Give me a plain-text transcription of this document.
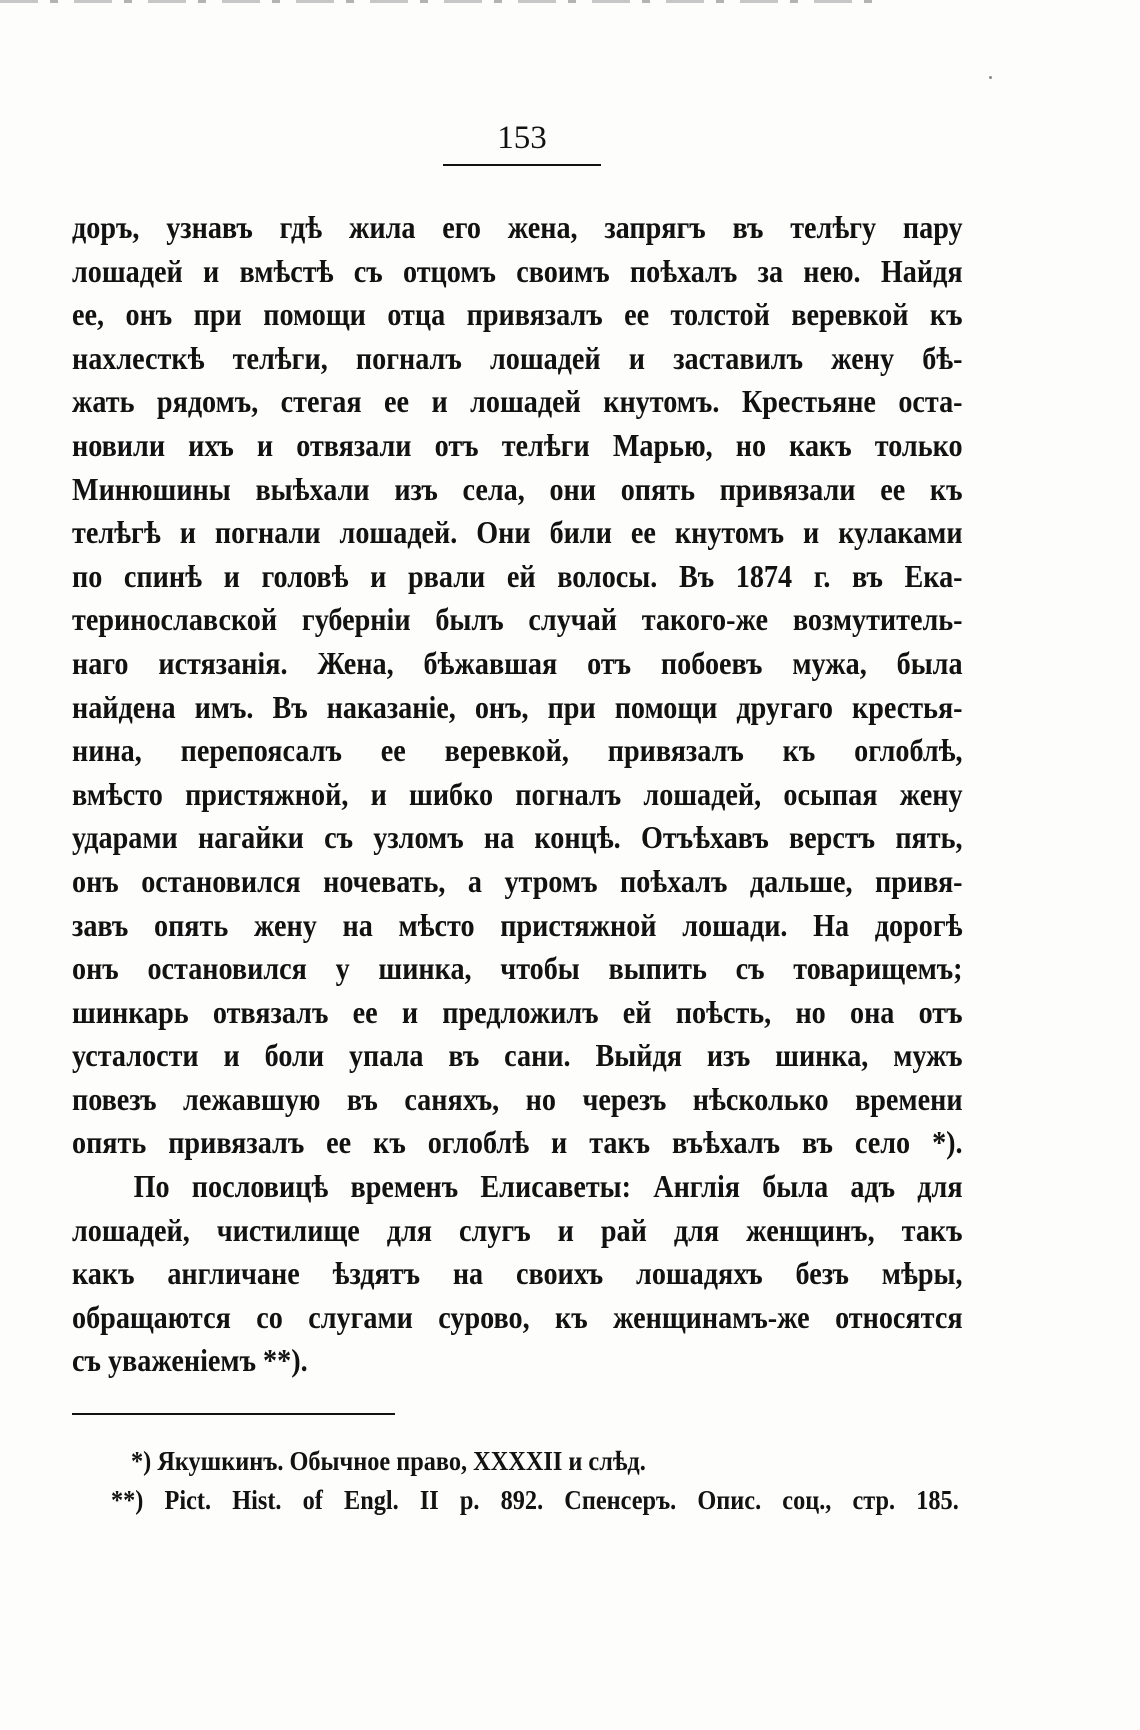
153
доръ, узнавъ гдѣ жила его жена, запрягъ въ телѣгу пару
лошадей и вмѣстѣ съ отцомъ своимъ поѣхалъ за нею. Найдя
ее, онъ при помощи отца привязалъ ее толстой веревкой къ
нахлесткѣ телѣги, погналъ лошадей и заставилъ жену бѣ-
жать рядомъ, стегая ее и лошадей кнутомъ. Крестьяне оста-
новили ихъ и отвязали отъ телѣги Марью, но какъ только
Минюшины выѣхали изъ села, они опять привязали ее къ
телѣгѣ и погнали лошадей. Они били ее кнутомъ и кулаками
по спинѣ и головѣ и рвали ей волосы. Въ 1874 г. въ Ека-
теринославской губерніи былъ случай такого-же возмутитель-
наго истязанія. Жена, бѣжавшая отъ побоевъ мужа, была
найдена имъ. Въ наказаніе, онъ, при помощи другаго крестья-
нина, перепоясалъ ее веревкой, привязалъ къ оглоблѣ,
вмѣсто пристяжной, и шибко погналъ лошадей, осыпая жену
ударами нагайки съ узломъ на концѣ. Отъѣхавъ верстъ пять,
онъ остановился ночевать, а утромъ поѣхалъ дальше, привя-
завъ опять жену на мѣсто пристяжной лошади. На дорогѣ
онъ остановился у шинка, чтобы выпить съ товарищемъ;
шинкарь отвязалъ ее и предложилъ ей поѣсть, но она отъ
усталости и боли упала въ сани. Выйдя изъ шинка, мужъ
повезъ лежавшую въ саняхъ, но черезъ нѣсколько времени
опять привязалъ ее къ оглоблѣ и такъ въѣхалъ въ село *).
По пословицѣ временъ Елисаветы: Англія была адъ для
лошадей, чистилище для слугъ и рай для женщинъ, такъ
какъ англичане ѣздятъ на своихъ лошадяхъ безъ мѣры,
обращаются со слугами сурово, къ женщинамъ-же относятся
съ уваженіемъ **).
*) Якушкинъ. Обычное право, XXXXII и слѣд.
**) Pict. Hist. of Engl. II p. 892. Спенсеръ. Опис. соц., стр. 185.
